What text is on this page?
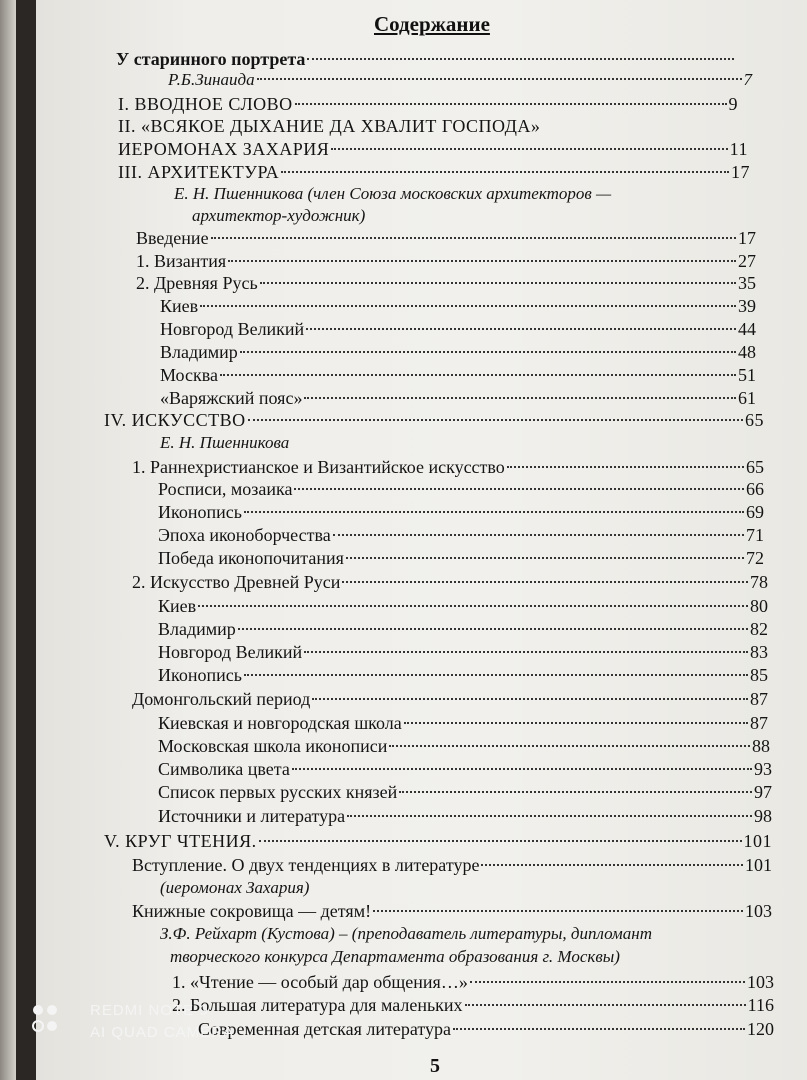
Содержание
У старинного портрета
Р.Б.Зинаида	7
I. ВВОДНОЕ СЛОВО	9
II. «ВСЯКОЕ ДЫХАНИЕ ДА ХВАЛИТ ГОСПОДА»
ИЕРОМОНАХ ЗАХАРИЯ	11
III. АРХИТЕКТУРА	17
Е. Н. Пшенникова (член Союза московских архитекторов —
архитектор-художник)
Введение	17
1. Византия	27
2. Древняя Русь	35
Киев	39
Новгород Великий	44
Владимир	48
Москва	51
«Варяжский пояс»	61
IV. ИСКУССТВО	65
Е. Н. Пшенникова
1. Раннехристианское и Византийское искусство	65
Росписи, мозаика	66
Иконопись	69
Эпоха иконоборчества	71
Победа иконопочитания	72
2. Искусство Древней Руси	78
Киев	80
Владимир	82
Новгород Великий	83
Иконопись	85
Домонгольский период	87
Киевская и новгородская школа	87
Московская школа иконописи	88
Символика цвета	93
Список первых русских князей	97
Источники и литература	98
V. КРУГ ЧТЕНИЯ.	101
Вступление. О двух тенденциях в литературе	101
(иеромонах Захария)
Книжные сокровища — детям!	103
З.Ф. Рейхарт (Кустова) – (преподаватель литературы, дипломант
творческого конкурса Департамента образования г. Москвы)
1. «Чтение — особый дар общения…»	103
2. Большая литература для маленьких	116
Современная детская литература	120
5
REDMI NOTE 9
AI QUAD CAMERA
